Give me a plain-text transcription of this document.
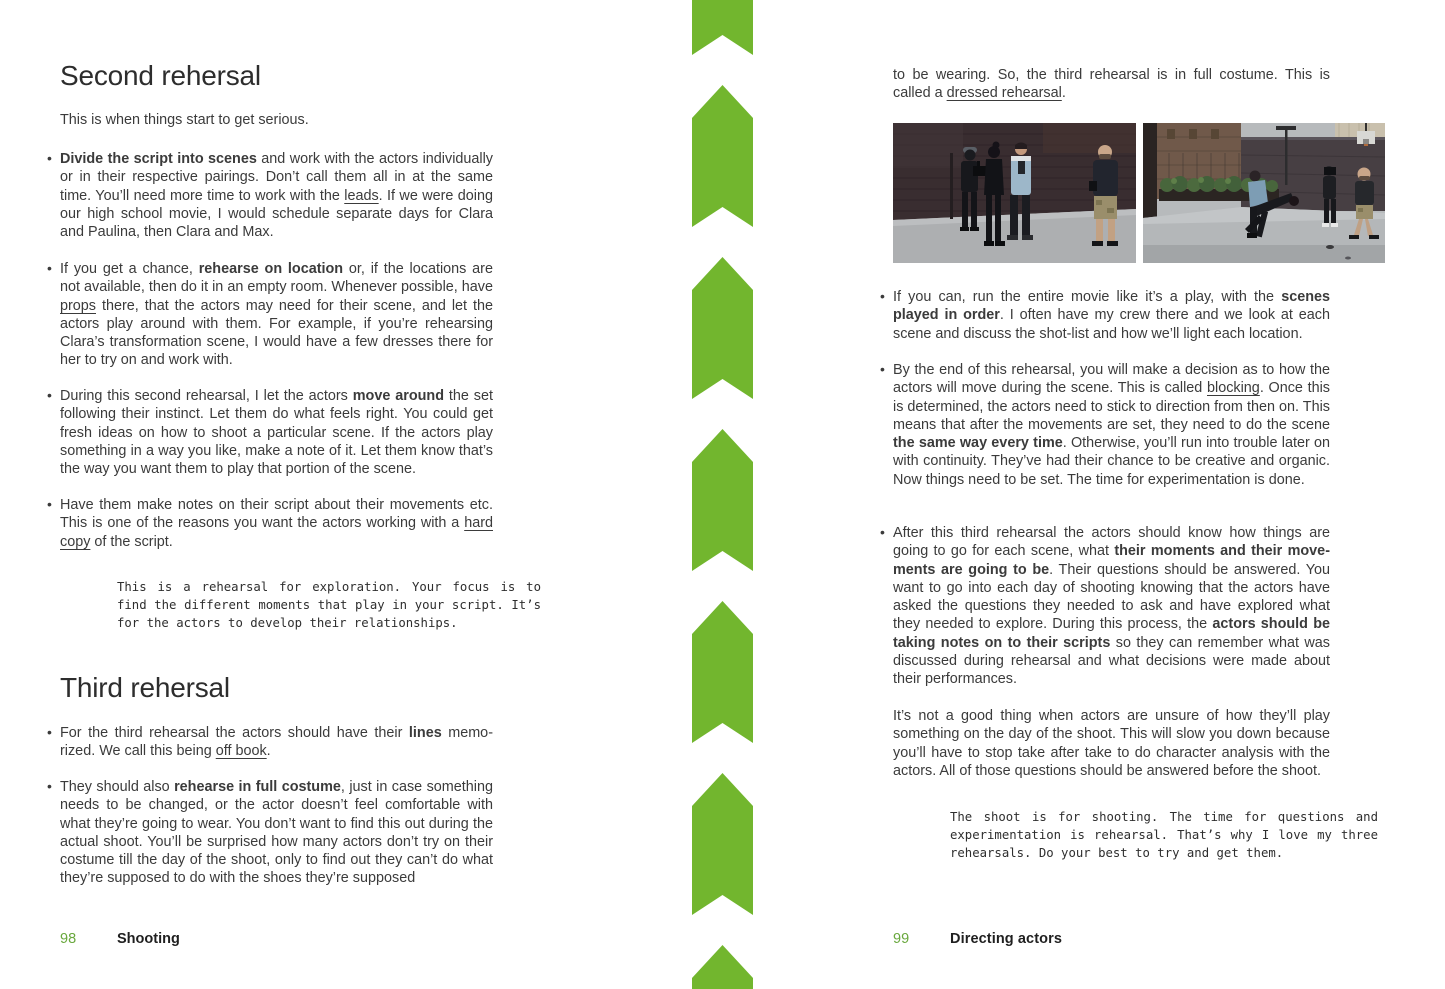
Second rehersal

This is when things start to get serious.

• Divide the script into scenes and work with the actors individually or in their respective pairings. Don’t call them all in at the same time. You’ll need more time to work with the leads. If we were doing our high school movie, I would schedule separate days for Clara and Paulina, then Clara and Max.

• If you get a chance, rehearse on location or, if the locations are not available, then do it in an empty room. Whenever possible, have props there, that the actors may need for their scene, and let the actors play around with them. For example, if you’re rehearsing Clara’s transformation scene, I would have a few dresses there for her to try on and work with.

• During this second rehearsal, I let the actors move around the set following their instinct. Let them do what feels right. You could get fresh ideas on how to shoot a particular scene. If the actors play something in a way you like, make a note of it. Let them know that’s the way you want them to play that portion of the scene.

• Have them make notes on their script about their movements etc. This is one of the reasons you want the actors working with a hard copy of the script.

This is a rehearsal for exploration. Your focus is to find the different moments that play in your script. It’s for the actors to develop their relationships.

Third rehersal

• For the third rehearsal the actors should have their lines memorized. We call this being off book.

• They should also rehearse in full costume, just in case something needs to be changed, or the actor doesn’t feel comfortable with what they’re going to wear. You don’t want to find this out during the actual shoot. You’ll be surprised how many actors don’t try on their costume till the day of the shoot, only to find out they can’t do what they’re supposed to do with the shoes they’re supposed

98	Shooting

to be wearing. So, the third rehearsal is in full costume. This is called a dressed rehearsal.

• If you can, run the entire movie like it’s a play, with the scenes played in order. I often have my crew there and we look at each scene and discuss the shot-list and how we’ll light each location.

• By the end of this rehearsal, you will make a decision as to how the actors will move during the scene. This is called blocking. Once this is determined, the actors need to stick to direction from then on. This means that after the movements are set, they need to do the scene the same way every time. Otherwise, you’ll run into trouble later on with continuity. They’ve had their chance to be creative and organic. Now things need to be set. The time for experimentation is done.

• After this third rehearsal the actors should know how things are going to go for each scene, what their moments and their movements are going to be. Their questions should be answered. You want to go into each day of shooting knowing that the actors have asked the questions they needed to ask and have explored what they needed to explore. During this process, the actors should be taking notes on to their scripts so they can remember what was discussed during rehearsal and what decisions were made about their performances.

It’s not a good thing when actors are unsure of how they’ll play something on the day of the shoot. This will slow you down because you’ll have to stop take after take to do character analysis with the actors. All of those questions should be answered before the shoot.

The shoot is for shooting. The time for questions and experimentation is rehearsal. That’s why I love my three rehearsals. Do your best to try and get them.

99	Directing actors
